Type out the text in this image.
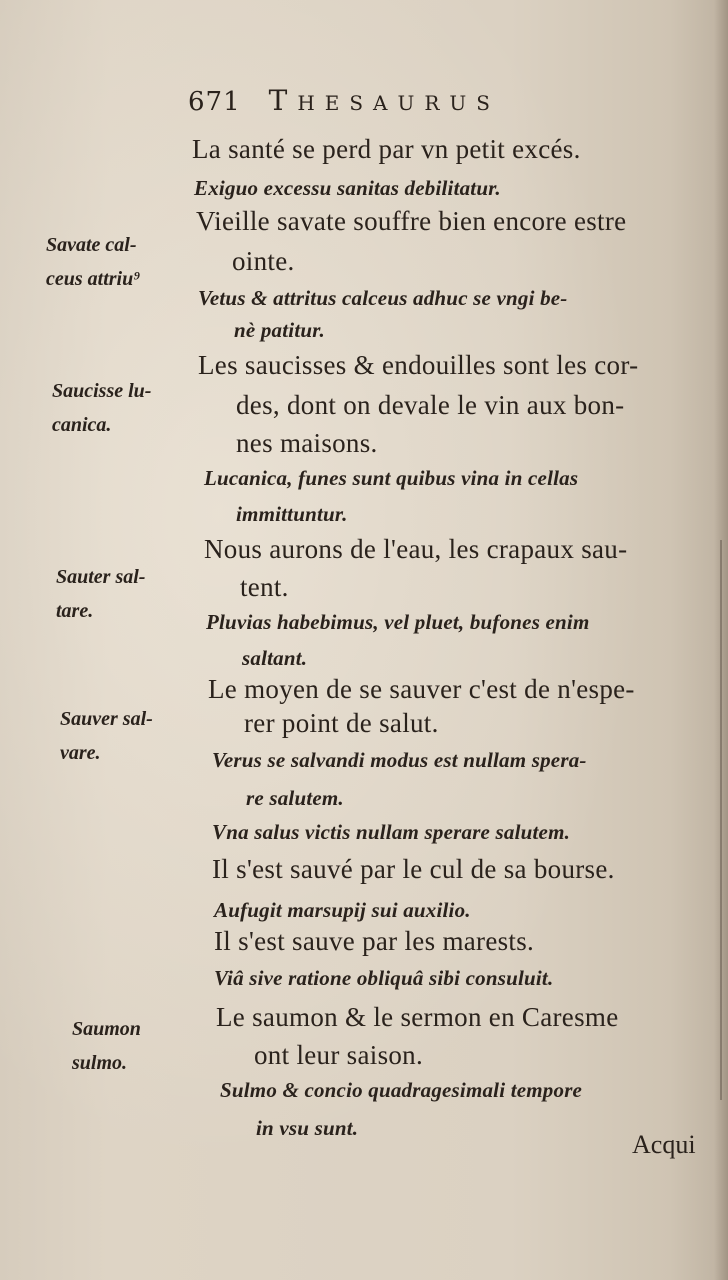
671 Thesaurus
Savate cal-
ceus attriu⁹
Saucisse lu-
canica.
Sauter sal-
tare.
Sauver sal-
vare.
Saumon
sulmo.
La santé se perd par vn petit excés.
Exiguo excessu sanitas debilitatur.
Vieille savate souffre bien encore estre
ointe.
Vetus & attritus calceus adhuc se vngi be-
nè patitur.
Les saucisses & endouilles sont les cor-
des, dont on devale le vin aux bon-
nes maisons.
Lucanica, funes sunt quibus vina in cellas
immittuntur.
Nous aurons de l'eau, les crapaux sau-
tent.
Pluvias habebimus, vel pluet, bufones enim
saltant.
Le moyen de se sauver c'est de n'espe-
rer point de salut.
Verus se salvandi modus est nullam spera-
re salutem.
Vna salus victis nullam sperare salutem.
Il s'est sauvé par le cul de sa bourse.
Aufugit marsupij sui auxilio.
Il s'est sauve par les marests.
Viâ sive ratione obliquâ sibi consuluit.
Le saumon & le sermon en Caresme
ont leur saison.
Sulmo & concio quadragesimali tempore
in vsu sunt.
Acqui
